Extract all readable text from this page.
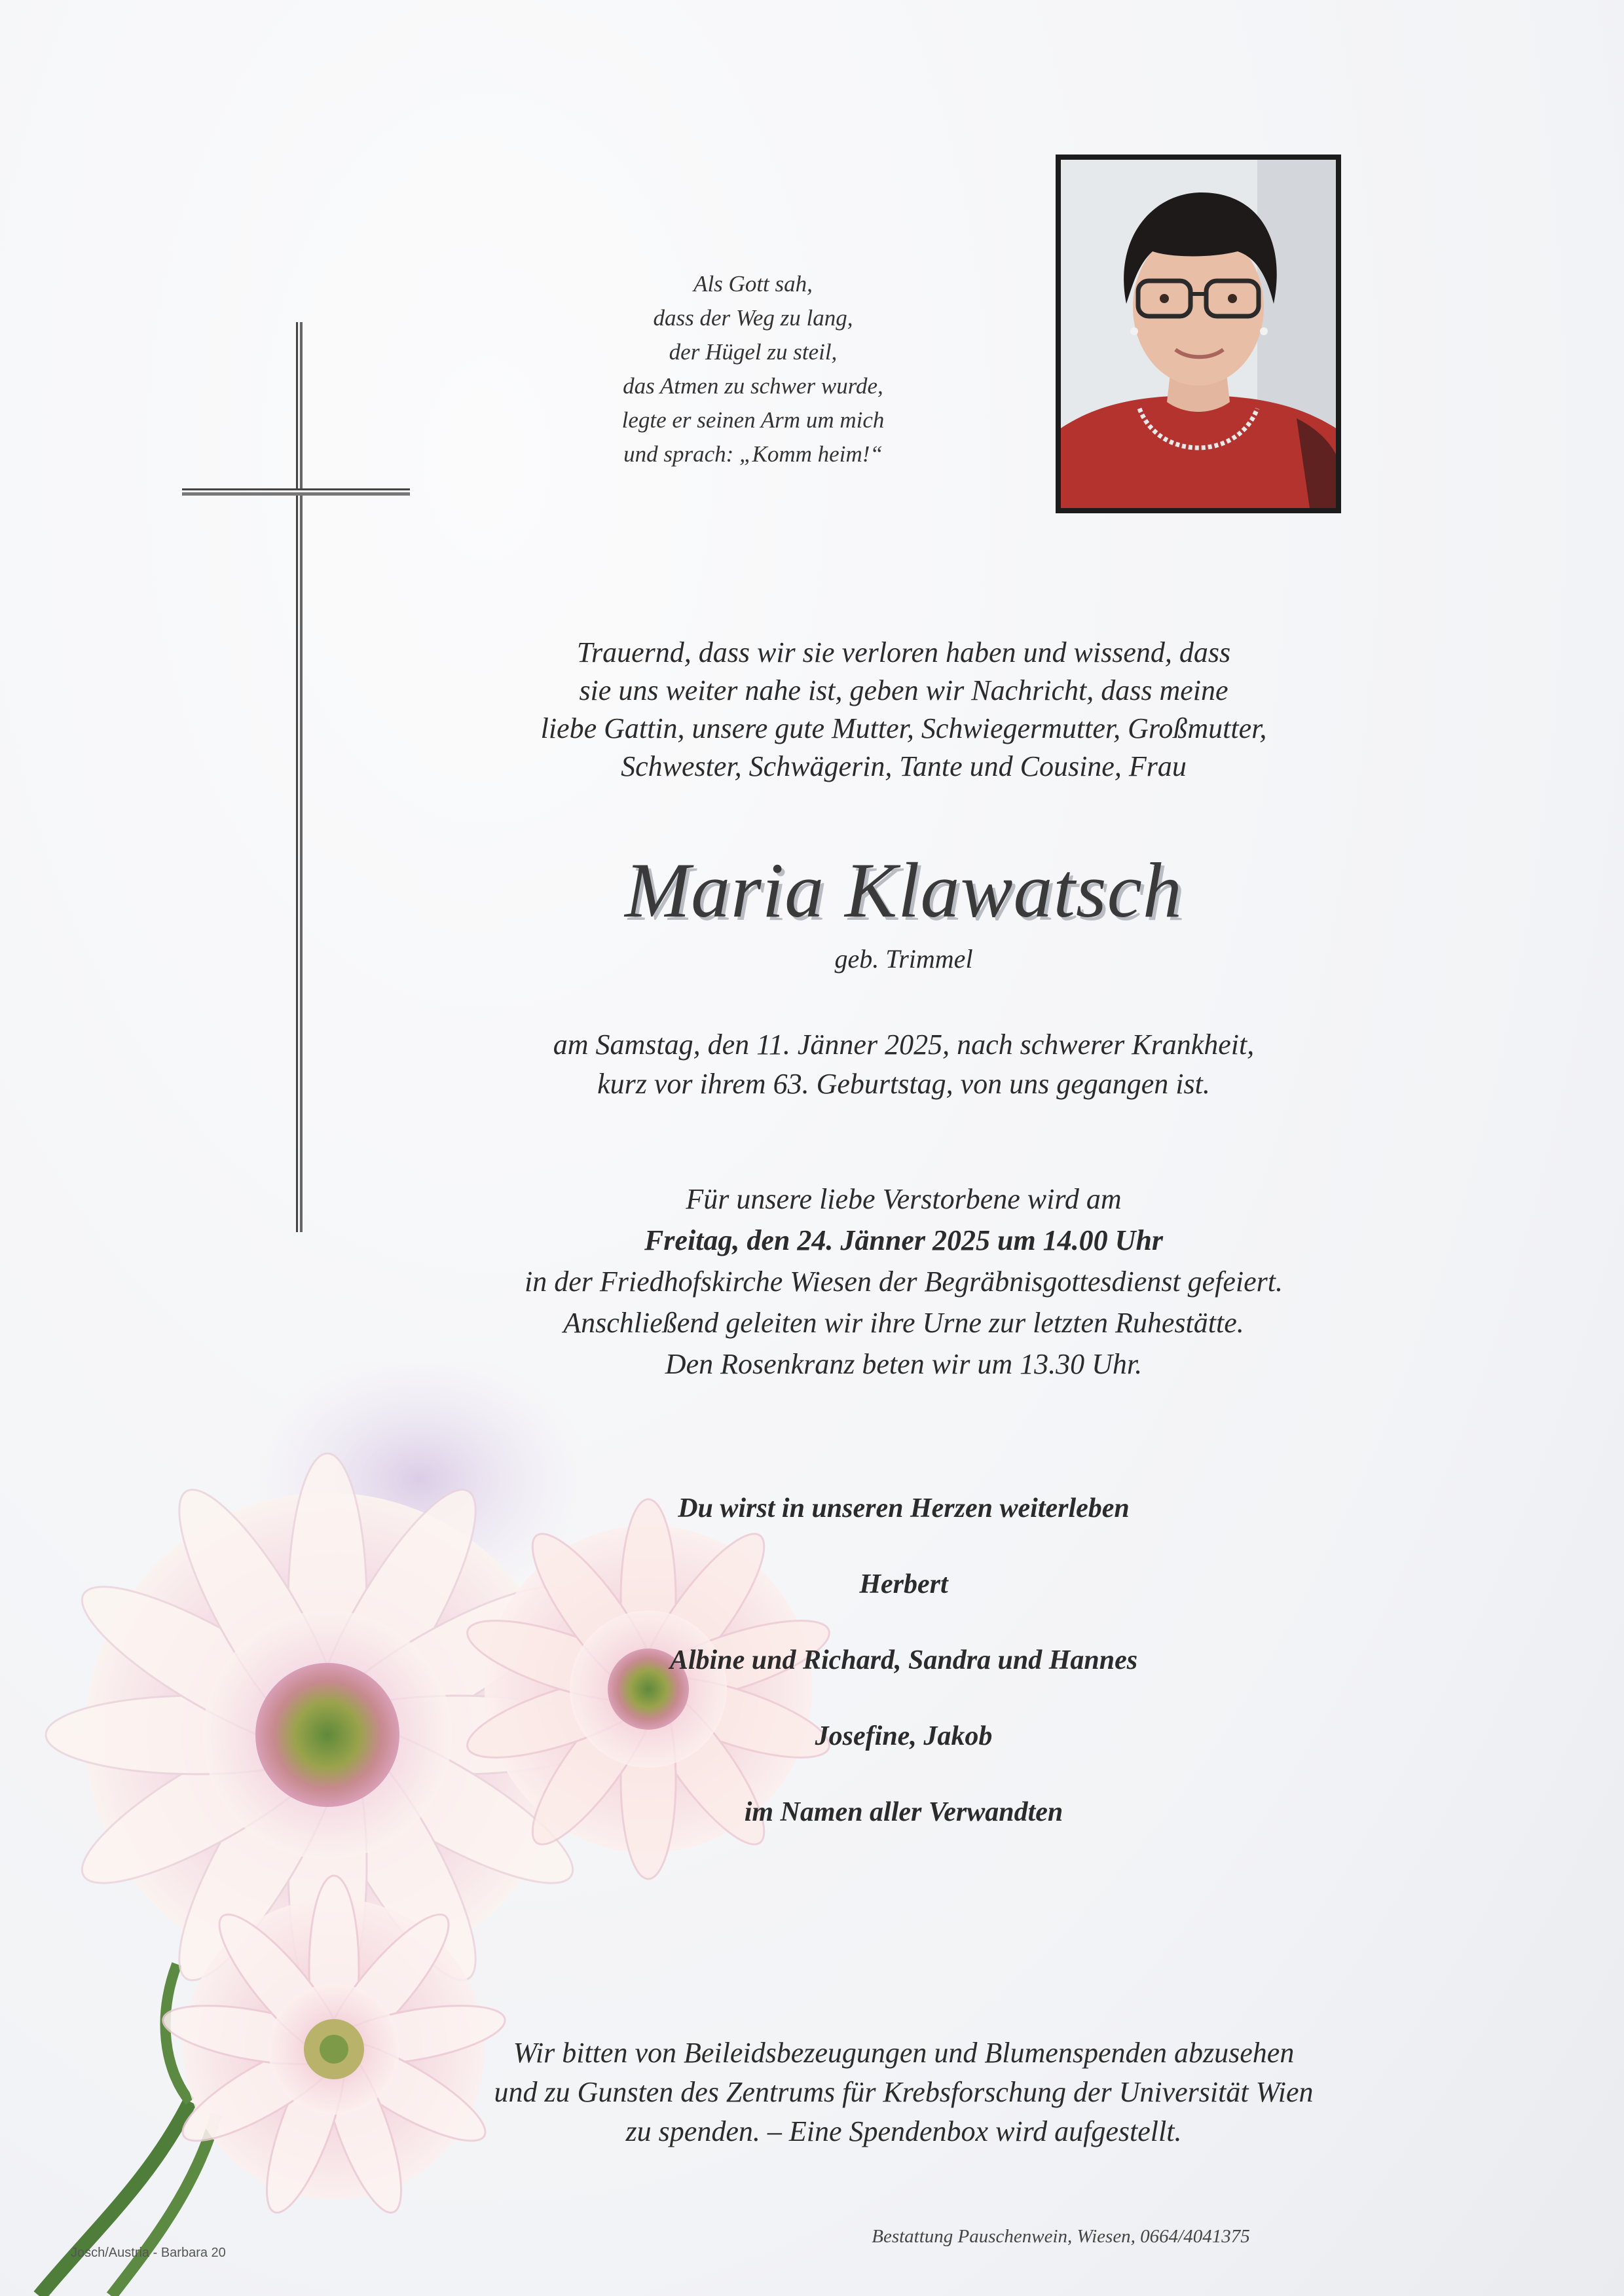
Als Gott sah,
dass der Weg zu lang,
der Hügel zu steil,
das Atmen zu schwer wurde,
legte er seinen Arm um mich
und sprach: „Komm heim!“
Trauernd, dass wir sie verloren haben und wissend, dass
sie uns weiter nahe ist, geben wir Nachricht, dass meine
liebe Gattin, unsere gute Mutter, Schwiegermutter, Großmutter,
Schwester, Schwägerin, Tante und Cousine, Frau
Maria Klawatsch
geb. Trimmel
am Samstag, den 11. Jänner 2025, nach schwerer Krankheit,
kurz vor ihrem 63. Geburtstag, von uns gegangen ist.
Für unsere liebe Verstorbene wird am
Freitag, den 24. Jänner 2025 um 14.00 Uhr
in der Friedhofskirche Wiesen der Begräbnisgottesdienst gefeiert.
Anschließend geleiten wir ihre Urne zur letzten Ruhestätte.
Den Rosenkranz beten wir um 13.30 Uhr.
Du wirst in unseren Herzen weiterleben
Herbert
Albine und Richard, Sandra und Hannes
Josefine, Jakob
im Namen aller Verwandten
Wir bitten von Beileidsbezeugungen und Blumenspenden abzusehen
und zu Gunsten des Zentrums für Krebsforschung der Universität Wien
zu spenden. – Eine Spendenbox wird aufgestellt.
Bestattung Pauschenwein, Wiesen, 0664/4041375
Josch/Austria - Barbara 20
